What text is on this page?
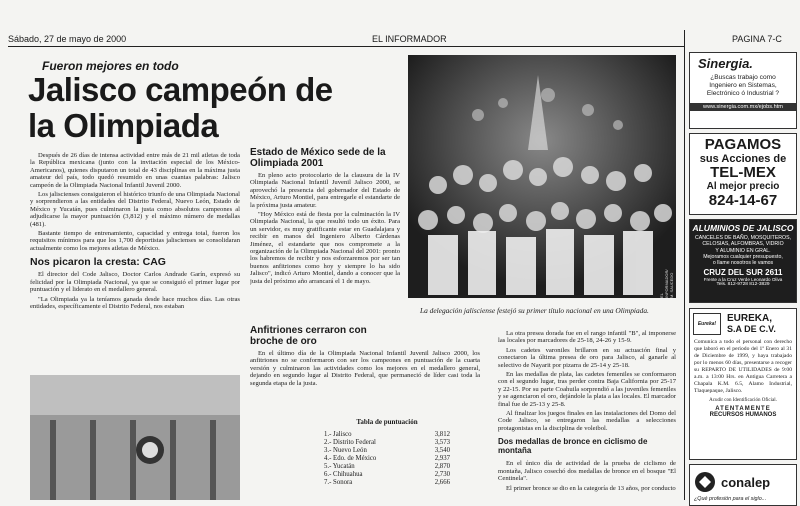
Sábado, 27 de mayo de 2000	EL INFORMADOR	PAGINA 7-C
Fueron mejores en todo
Jalisco campeón de
la Olimpiada

Después de 26 días de intensa actividad entre más de 21 mil atletas de toda la República mexicana (junto con la invitación especial de los México-Americanos), quienes disputaron un total de 43 disciplinas en la máxima justa amateur del país, todo quedó resumido en unas cuantas palabras: Jalisco campeón de la Olimpiada Nacional Infantil Juvenil 2000.

Los jaliscienses consiguieron el histórico triunfo de una Olimpiada Nacional y sorprendieron a las entidades del Distrito Federal, Nuevo León, Estado de México y Yucatán, pues culminaron la justa como absolutos campeones al adjudicarse la mayor puntuación (3,812) y el máximo número de medallas (481).

Bastante tiempo de entrenamiento, capacidad y entrega total, fueron los requisitos mínimos para que los 1,700 deportistas jaliscienses se consolidaran actualmente como los mejores atletas de México.

Nos picaron la cresta: CAG

El director del Code Jalisco, Doctor Carlos Andrade Garín, expresó su felicidad por la Olimpiada Nacional, ya que se consiguió el primer lugar por puntuación y el liderato en el medallero general.

"La Olimpiada ya la teníamos ganada desde hace muchos días. Las otras entidades, específicamente el Distrito Federal, nos estaban

Estado de México sede de la Olimpiada 2001

En pleno acto protocolario de la clausura de la IV Olimpiada Nacional Infantil Juvenil Jalisco 2000, se aprovechó la presencia del gobernador del Estado de México, Arturo Montiel, para entregarle el estandarte de la próxima justa amateur.

"Hoy México está de fiesta por la culminación la IV Olimpiada Nacional, la que resultó todo un éxito. Para un servidor, es muy gratificante estar en Guadalajara y recibir en manos del Ingeniero Alberto Cárdenas Jiménez, el estandarte que nos compromete a la organización de la Olimpiada Nacional del 2001: pronto los habremos de recibir y nos esforzaremos por ser tan buenos anfitriones como hoy y siempre lo ha sido Jalisco", indicó Arturo Montiel, dando a conocer que la justa del próximo año arrancará el 1 de mayo.

EL INFORMADOR/ M. SAUCEDO
La delegación jalisciense festejó su primer título nacional en una Olimpiada.
Anfitriones cerraron con broche de oro

En el último día de la Olimpiada Nacional Infantil Juvenil Jalisco 2000, los anfitriones no se conformaron con ser los campeones en puntuación de la cuarta versión y culminaron las actividades como los mejores en el medallero general, dejando en segundo lugar al Distrito Federal, que permaneció de líder casi toda la segunda etapa de la justa.

Tabla de puntuación
1.- Jalisco	3,812
2.- Distrito Federal	3,573
3.- Nuevo León	3,540
4.- Edo. de México	2,937
5.- Yucatán	2,870
6.- Chihuahua	2,730
7.- Sonora	2,666

La otra presea dorada fue en el rango infantil "B", al imponerse las locales por marcadores de 25-18, 24-26 y 15-9.

Los cadetes varoniles brillaron en su actuación final y conectaron la última presea de oro para Jalisco, al ganarle al selectivo de Nayarit por pizarra de 25-14 y 25-18.

En las medallas de plata, las cadetes femeniles se conformaron con el segundo lugar, tras perder contra Baja California por 25-17 y 22-15. Por su parte Coahuila sorprendió a las juveniles femeniles y se agenciaron el oro, dejándole la plata a las locales. El marcador final fue de 25-13 y 25-8.

Al finalizar los juegos finales en las instalaciones del Domo del Code Jalisco, se entregaron las medallas a selecciones protagonistas en la disciplina de voleibol.

Dos medallas de bronce en ciclismo de montaña

En el único día de actividad de la prueba de ciclismo de montaña, Jalisco cosechó dos medallas de bronce en el bosque "El Centinela".

El primer bronce se dio en la categoría de 13 años, por conducto

Sinergia.
¿Buscas trabajo como
Ingeniero en Sistemas,
Electrónico ó Industrial ?
www.sinergia.com.mx/ejobs.htm
PAGAMOS
sus Acciones de
TEL-MEX
Al mejor precio
824-14-67
ALUMINIOS DE JALISCO
CANCELES DE BAÑO, MOSQUITEROS,
CELOSIAS, ALFOMBRAS, VIDRIO
Y ALUMINIO EN GRAL.
Mejoramos cualquier presupuesto,
o llame nosotros le vamos
CRUZ DEL SUR 2611
Frente a la Cruz Verde Leonardo Oliva
Tels. 812-9728 812-3829
Eureka!	EUREKA,
S.A DE C.V.
Comunica a todo el personal con derecho que laboró en el periodo del 1º Enero al 31 de Diciembre de 1999, y haya trabajado por lo menos 60 días, presentarse a recoger su REPARTO DE UTILIDADES de 9:00 a.m. a 13:00 Hrs. en Antigua Carretera a Chapala K.M. 6.5, Alamo Industrial, Tlaquepaque, Jalisco.
Acudir con Identificación Oficial.
ATENTAMENTE
RECURSOS HUMANOS
conalep
¿Qué profesión para el siglo...
